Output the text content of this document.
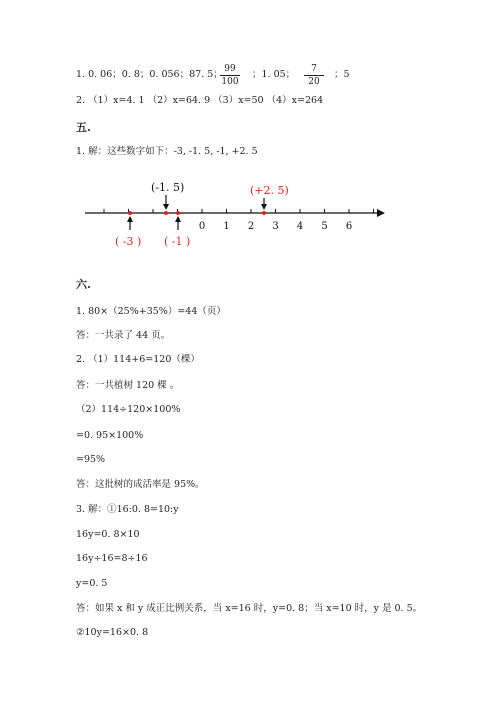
1. 0. 06；0. 8；0. 056；87. 5； 99
100
；1. 05；	7
20
；5
2. （1）x=4. 1 （2）x=64. 9 （3）x=50 （4）x=264
五.
1. 解：这些数字如下：-3, -1. 5, -1, +2. 5
0 1 2 3 4 5 6
(-1. 5)	(+2. 5)
( -3 ) ( -1 )
六.
1. 80×（25%+35%）=44（页）
答：一共录了 44 页。
2. （1）114+6=120（棵）
答：一共植树 120 棵 。
（2）114÷120×100%
=0. 95×100%
=95%
答：这批树的成活率是 95%。
3. 解：①16:0. 8=10:y
16y=0. 8×10
16y÷16=8÷16
y=0. 5
答：如果 x 和 y 成正比例关系，当 x=16 时，y=0. 8；当 x=10 时，y 是 0. 5。
②10y=16×0. 8
